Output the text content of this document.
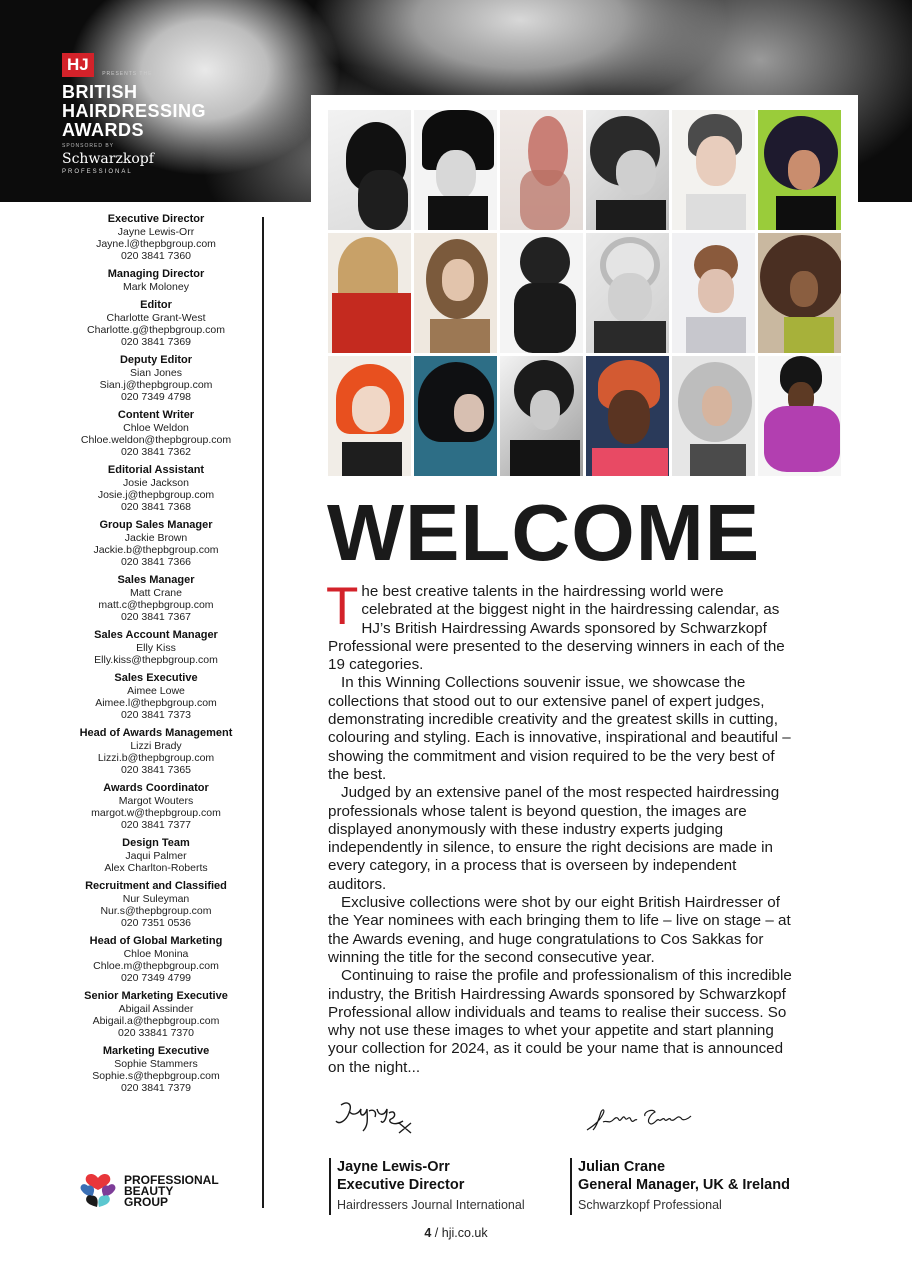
HJ	PRESENTS THE
BRITISH
HAIRDRESSING
AWARDS
SPONSORED BY
Schwarzkopf
PROFESSIONAL
Executive Director
Jayne Lewis-Orr
Jayne.l@thepbgroup.com
020 3841 7360
Managing Director
Mark Moloney
Editor
Charlotte Grant-West
Charlotte.g@thepbgroup.com
020 3841 7369
Deputy Editor
Sian Jones
Sian.j@thepbgroup.com
020 7349 4798
Content Writer
Chloe Weldon
Chloe.weldon@thepbgroup.com
020 3841 7362
Editorial Assistant
Josie Jackson
Josie.j@thepbgroup.com
020 3841 7368
Group Sales Manager
Jackie Brown
Jackie.b@thepbgroup.com
020 3841 7366
Sales Manager
Matt Crane
matt.c@thepbgroup.com
020 3841 7367
Sales Account Manager
Elly Kiss
Elly.kiss@thepbgroup.com
Sales Executive
Aimee Lowe
Aimee.l@thepbgroup.com
020 3841 7373
Head of Awards Management
Lizzi Brady
Lizzi.b@thepbgroup.com
020 3841 7365
Awards Coordinator
Margot Wouters
margot.w@thepbgroup.com
020 3841 7377
Design Team
Jaqui Palmer
Alex Charlton-Roberts
Recruitment and Classified
Nur Suleyman
Nur.s@thepbgroup.com
020 7351 0536
Head of Global Marketing
Chloe Monina
Chloe.m@thepbgroup.com
020 7349 4799
Senior Marketing Executive
Abigail Assinder
Abigail.a@thepbgroup.com
020 33841 7370
Marketing Executive
Sophie Stammers
Sophie.s@thepbgroup.com
020 3841 7379
PROFESSIONAL
BEAUTY
GROUP
WELCOME

The best creative talents in the hairdressing world were celebrated at the biggest night in the hairdressing calendar, as HJ’s British Hairdressing Awards sponsored by Schwarzkopf Professional were presented to the deserving winners in each of the 19 categories.

In this Winning Collections souvenir issue, we showcase the collections that stood out to our extensive panel of expert judges, demonstrating incredible creativity and the greatest skills in cutting, colouring and styling. Each is innovative, inspirational and beautiful – showing the commitment and vision required to be the very best of the best.

Judged by an extensive panel of the most respected hairdressing professionals whose talent is beyond question, the images are displayed anonymously with these industry experts judging independently in silence, to ensure the right decisions are made in every category, in a process that is overseen by independent auditors.

Exclusive collections were shot by our eight British Hairdresser of the Year nominees with each bringing them to life – live on stage – at the Awards evening, and huge congratulations to Cos Sakkas for winning the title for the second consecutive year.

Continuing to raise the profile and professionalism of this incredible industry, the British Hairdressing Awards sponsored by Schwarzkopf Professional allow individuals and teams to realise their success. So why not use these images to whet your appetite and start planning your collection for 2024, as it could be your name that is announced on the night...

Jayne Lewis-Orr
Executive Director
Hairdressers Journal International
Julian Crane
General Manager, UK & Ireland
Schwarzkopf Professional
4 / hji.co.uk
